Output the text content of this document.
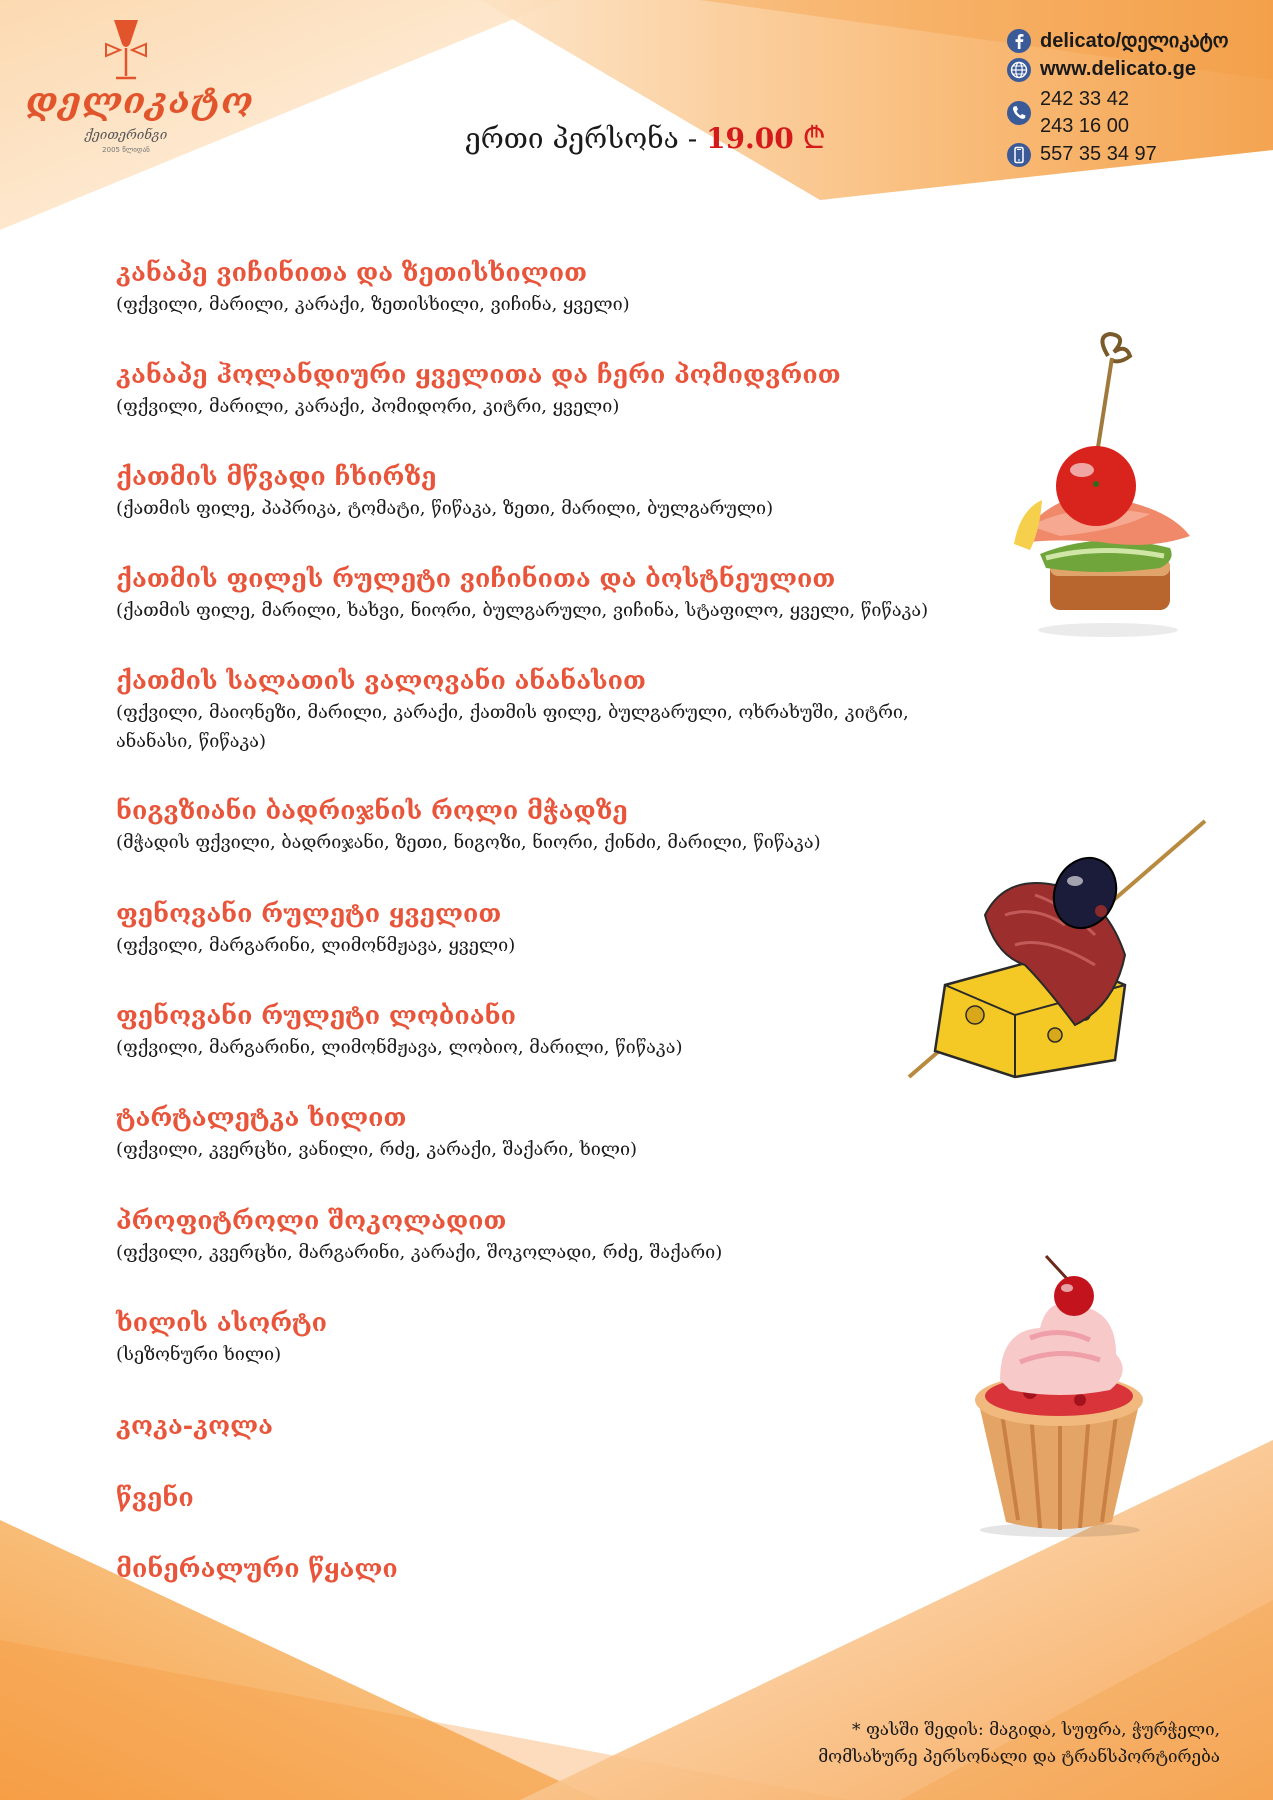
დელიკატო
ქეითერინგი
2005 წლიდან	ერთი პერსონა - 19.00 ₾
delicato/დელიკატო
www.delicato.ge
242 33 42
243 16 00
557 35 34 97
კანაპე ვიჩინითა და ზეთისხილით
(ფქვილი, მარილი, კარაქი, ზეთისხილი, ვიჩინა, ყველი)
კანაპე ჰოლანდიური ყველითა და ჩერი პომიდვრით
(ფქვილი, მარილი, კარაქი, პომიდორი, კიტრი, ყველი)
ქათმის მწვადი ჩხირზე
(ქათმის ფილე, პაპრიკა, ტომატი, წიწაკა, ზეთი, მარილი, ბულგარული)
ქათმის ფილეს რულეტი ვიჩინითა და ბოსტნეულით
(ქათმის ფილე, მარილი, ხახვი, ნიორი, ბულგარული, ვიჩინა, სტაფილო, ყველი, წიწაკა)
ქათმის სალათის ვალოვანი ანანასით
(ფქვილი, მაიონეზი, მარილი, კარაქი, ქათმის ფილე, ბულგარული, ოხრახუში, კიტრი, ანანასი, წიწაკა)
ნიგვზიანი ბადრიჯნის როლი მჭადზე
(მჭადის ფქვილი, ბადრიჯანი, ზეთი, ნიგოზი, ნიორი, ქინძი, მარილი, წიწაკა)
ფენოვანი რულეტი ყველით
(ფქვილი, მარგარინი, ლიმონმჟავა, ყველი)
ფენოვანი რულეტი ლობიანი
(ფქვილი, მარგარინი, ლიმონმჟავა, ლობიო, მარილი, წიწაკა)
ტარტალეტკა ხილით
(ფქვილი, კვერცხი, ვანილი, რძე, კარაქი, შაქარი, ხილი)
პროფიტროლი შოკოლადით
(ფქვილი, კვერცხი, მარგარინი, კარაქი, შოკოლადი, რძე, შაქარი)
ხილის ასორტი
(სეზონური ხილი)
კოკა-კოლა
წვენი
მინერალური წყალი
* ფასში შედის: მაგიდა, სუფრა, ჭურჭელი,
მომსახურე პერსონალი და ტრანსპორტირება
